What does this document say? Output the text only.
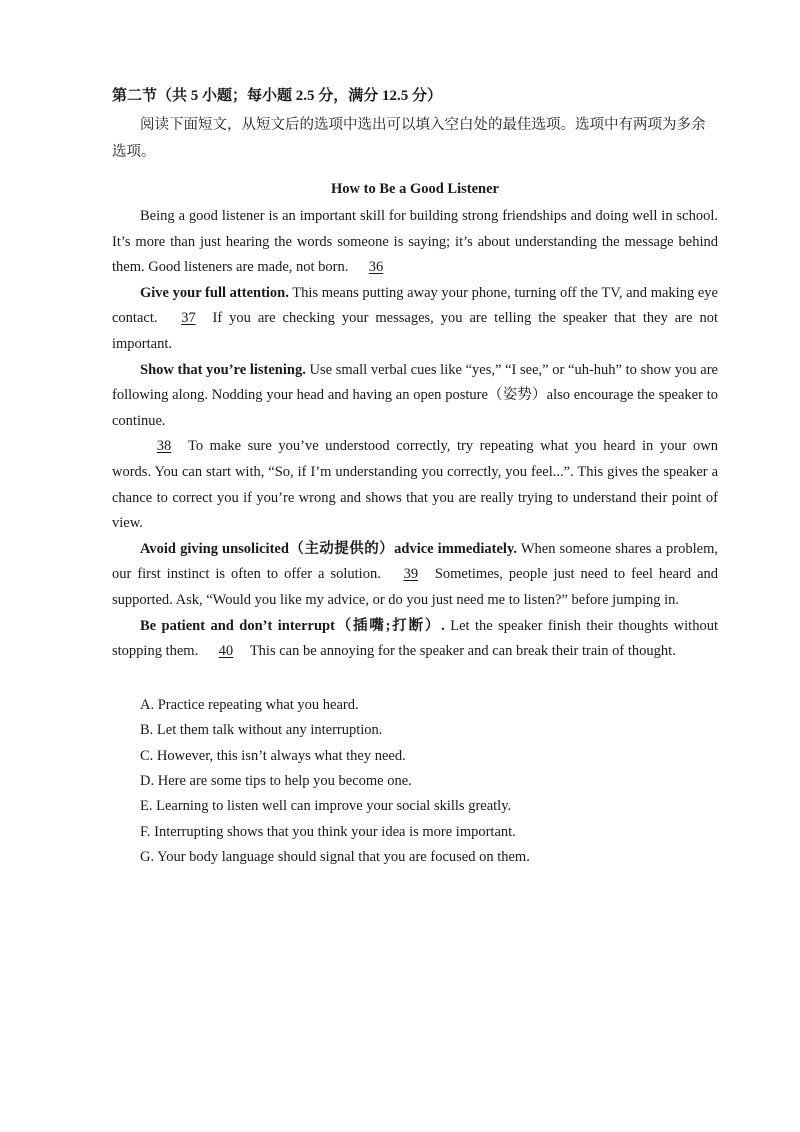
第二节（共 5 小题；每小题 2.5 分，满分 12.5 分）

阅读下面短文，从短文后的选项中选出可以填入空白处的最佳选项。选项中有两项为多余选项。

How to Be a Good Listener

Being a good listener is an important skill for building strong friendships and doing well in school. It’s more than just hearing the words someone is saying; it’s about understanding the message behind them. Good listeners are made, not born. 36

Give your full attention. This means putting away your phone, turning off the TV, and making eye contact. 37 If you are checking your messages, you are telling the speaker that they are not important.

Show that you’re listening. Use small verbal cues like “yes,” “I see,” or “uh-huh” to show you are following along. Nodding your head and having an open posture（姿势）also encourage the speaker to continue.

38 To make sure you’ve understood correctly, try repeating what you heard in your own words. You can start with, “So, if I’m understanding you correctly, you feel...”. This gives the speaker a chance to correct you if you’re wrong and shows that you are really trying to understand their point of view.

Avoid giving unsolicited（主动提供的）advice immediately. When someone shares a problem, our first instinct is often to offer a solution. 39 Sometimes, people just need to feel heard and supported. Ask, “Would you like my advice, or do you just need me to listen?” before jumping in.

Be patient and don’t interrupt（插嘴;打断）. Let the speaker finish their thoughts without stopping them. 40 This can be annoying for the speaker and can break their train of thought.

A. Practice repeating what you heard.

B. Let them talk without any interruption.

C. However, this isn’t always what they need.

D. Here are some tips to help you become one.

E. Learning to listen well can improve your social skills greatly.

F. Interrupting shows that you think your idea is more important.

G. Your body language should signal that you are focused on them.
